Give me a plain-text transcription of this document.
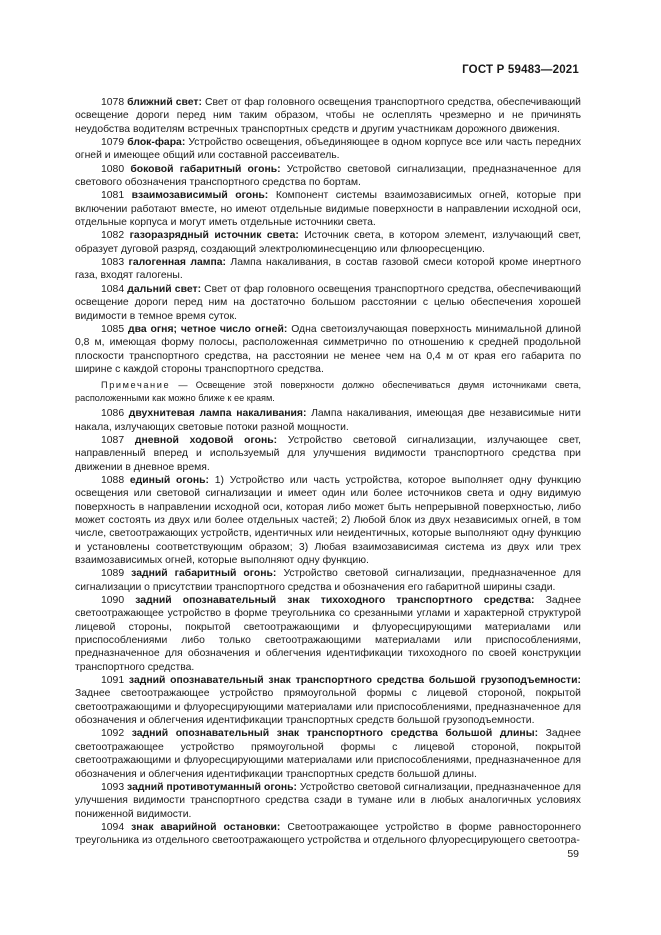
ГОСТ Р 59483—2021

1078 ближний свет: Свет от фар головного освещения транспортного средства, обеспечивающий освещение дороги перед ним таким образом, чтобы не ослеплять чрезмерно и не причинять неудобства водителям встречных транспортных средств и другим участникам дорожного движения.

1079 блок-фара: Устройство освещения, объединяющее в одном корпусе все или часть передних огней и имеющее общий или составной рассеиватель.

1080 боковой габаритный огонь: Устройство световой сигнализации, предназначенное для светового обозначения транспортного средства по бортам.

1081 взаимозависимый огонь: Компонент системы взаимозависимых огней, которые при включении работают вместе, но имеют отдельные видимые поверхности в направлении исходной оси, отдельные корпуса и могут иметь отдельные источники света.

1082 газоразрядный источник света: Источник света, в котором элемент, излучающий свет, образует дуговой разряд, создающий электролюминесценцию или флюоресценцию.

1083 галогенная лампа: Лампа накаливания, в состав газовой смеси которой кроме инертного газа, входят галогены.

1084 дальний свет: Свет от фар головного освещения транспортного средства, обеспечивающий освещение дороги перед ним на достаточно большом расстоянии с целью обеспечения хорошей видимости в темное время суток.

1085 два огня; четное число огней: Одна светоизлучающая поверхность минимальной длиной 0,8 м, имеющая форму полосы, расположенная симметрично по отношению к средней продольной плоскости транспортного средства, на расстоянии не менее чем на 0,4 м от края его габарита по ширине с каждой стороны транспортного средства.

Примечание — Освещение этой поверхности должно обеспечиваться двумя источниками света, расположенными как можно ближе к ее краям.

1086 двухнитевая лампа накаливания: Лампа накаливания, имеющая две независимые нити накала, излучающих световые потоки разной мощности.

1087 дневной ходовой огонь: Устройство световой сигнализации, излучающее свет, направленный вперед и используемый для улучшения видимости транспортного средства при движении в дневное время.

1088 единый огонь: 1) Устройство или часть устройства, которое выполняет одну функцию освещения или световой сигнализации и имеет один или более источников света и одну видимую поверхность в направлении исходной оси, которая либо может быть непрерывной поверхностью, либо может состоять из двух или более отдельных частей; 2) Любой блок из двух независимых огней, в том числе, светоотражающих устройств, идентичных или неидентичных, которые выполняют одну функцию и установлены соответствующим образом; 3) Любая взаимозависимая система из двух или трех взаимозависимых огней, которые выполняют одну функцию.

1089 задний габаритный огонь: Устройство световой сигнализации, предназначенное для сигнализации о присутствии транспортного средства и обозначения его габаритной ширины сзади.

1090 задний опознавательный знак тихоходного транспортного средства: Заднее светоотражающее устройство в форме треугольника со срезанными углами и характерной структурой лицевой стороны, покрытой светоотражающими и флуоресцирующими материалами или приспособлениями либо только светоотражающими материалами или приспособлениями, предназначенное для обозначения и облегчения идентификации тихоходного по своей конструкции транспортного средства.

1091 задний опознавательный знак транспортного средства большой грузоподъемности: Заднее светоотражающее устройство прямоугольной формы с лицевой стороной, покрытой светоотражающими и флуоресцирующими материалами или приспособлениями, предназначенное для обозначения и облегчения идентификации транспортных средств большой грузоподъемности.

1092 задний опознавательный знак транспортного средства большой длины: Заднее светоотражающее устройство прямоугольной формы с лицевой стороной, покрытой светоотражающими и флуоресцирующими материалами или приспособлениями, предназначенное для обозначения и облегчения идентификации транспортных средств большой длины.

1093 задний противотуманный огонь: Устройство световой сигнализации, предназначенное для улучшения видимости транспортного средства сзади в тумане или в любых аналогичных условиях пониженной видимости.

1094 знак аварийной остановки: Светоотражающее устройство в форме равностороннего треугольника из отдельного светоотражающего устройства и отдельного флуоресцирующего светоотра-

59
